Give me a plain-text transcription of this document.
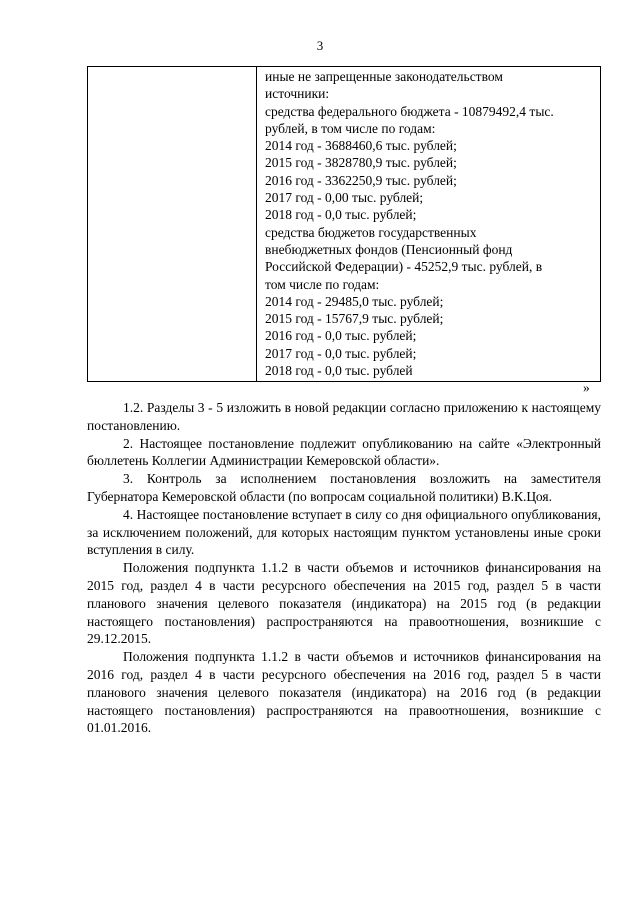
3

иные не запрещенные законодательством
источники:
средства федерального бюджета - 10879492,4 тыс.
рублей, в том числе по годам:
2014 год - 3688460,6 тыс. рублей;
2015 год - 3828780,9 тыс. рублей;
2016 год - 3362250,9 тыс. рублей;
2017 год - 0,00 тыс. рублей;
2018 год - 0,0 тыс. рублей;
средства бюджетов государственных
внебюджетных фондов (Пенсионный фонд
Российской Федерации) - 45252,9 тыс. рублей, в
том числе по годам:
2014 год - 29485,0 тыс. рублей;
2015 год - 15767,9 тыс. рублей;
2016 год - 0,0 тыс. рублей;
2017 год - 0,0 тыс. рублей;
2018 год - 0,0 тыс. рублей
»

1.2. Разделы 3 - 5 изложить в новой редакции согласно приложению к настоящему постановлению.

2. Настоящее постановление подлежит опубликованию на сайте «Электронный бюллетень Коллегии Администрации Кемеровской области».

3. Контроль за исполнением постановления возложить на заместителя Губернатора Кемеровской области (по вопросам социальной политики) В.К.Цоя.

4. Настоящее постановление вступает в силу со дня официального опубликования, за исключением положений, для которых настоящим пунктом установлены иные сроки вступления в силу.

Положения подпункта 1.1.2 в части объемов и источников финансирования на 2015 год, раздел 4 в части ресурсного обеспечения на 2015 год, раздел 5 в части планового значения целевого показателя (индикатора) на 2015 год (в редакции настоящего постановления) распространяются на правоотношения, возникшие с 29.12.2015.

Положения подпункта 1.1.2 в части объемов и источников финансирования на 2016 год, раздел 4 в части ресурсного обеспечения на 2016 год, раздел 5 в части планового значения целевого показателя (индикатора) на 2016 год (в редакции настоящего постановления) распространяются на правоотношения, возникшие с 01.01.2016.
